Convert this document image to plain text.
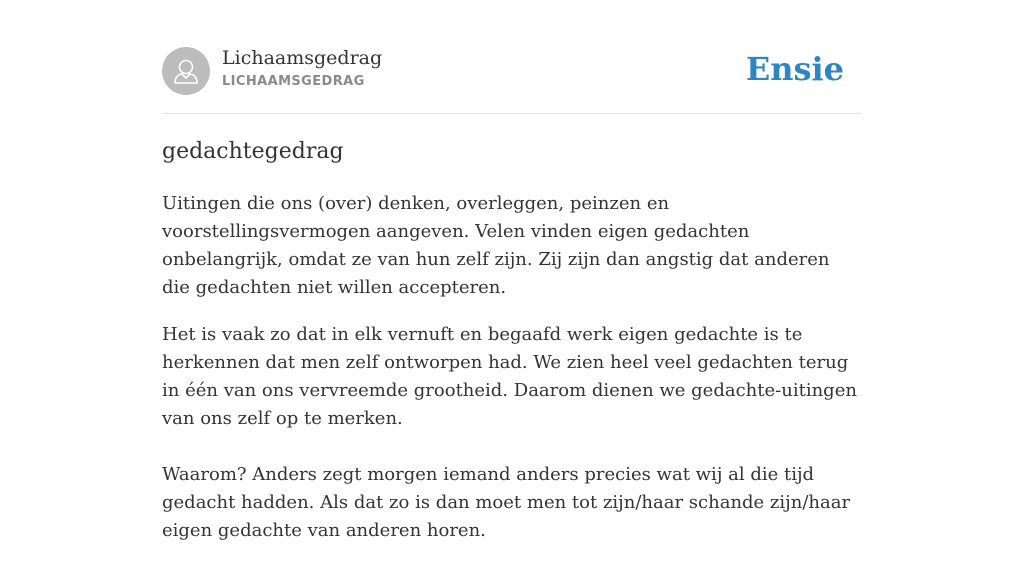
Lichaamsgedrag
LICHAAMSGEDRAG	Ensie
gedachtegedrag

Uitingen die ons (over) denken, overleggen, peinzen en voorstellingsvermogen aangeven. Velen vinden eigen gedachten onbelangrijk, omdat ze van hun zelf zijn. Zij zijn dan angstig dat anderen die gedachten niet willen accepteren.

Het is vaak zo dat in elk vernuft en begaafd werk eigen gedachte is te herkennen dat men zelf ontworpen had. We zien heel veel gedachten terug in één van ons vervreemde grootheid. Daarom dienen we gedachte-uitingen van ons zelf op te merken.

Waarom? Anders zegt morgen iemand anders precies wat wij al die tijd gedacht hadden. Als dat zo is dan moet men tot zijn/haar schande zijn/haar eigen gedachte van anderen horen.
